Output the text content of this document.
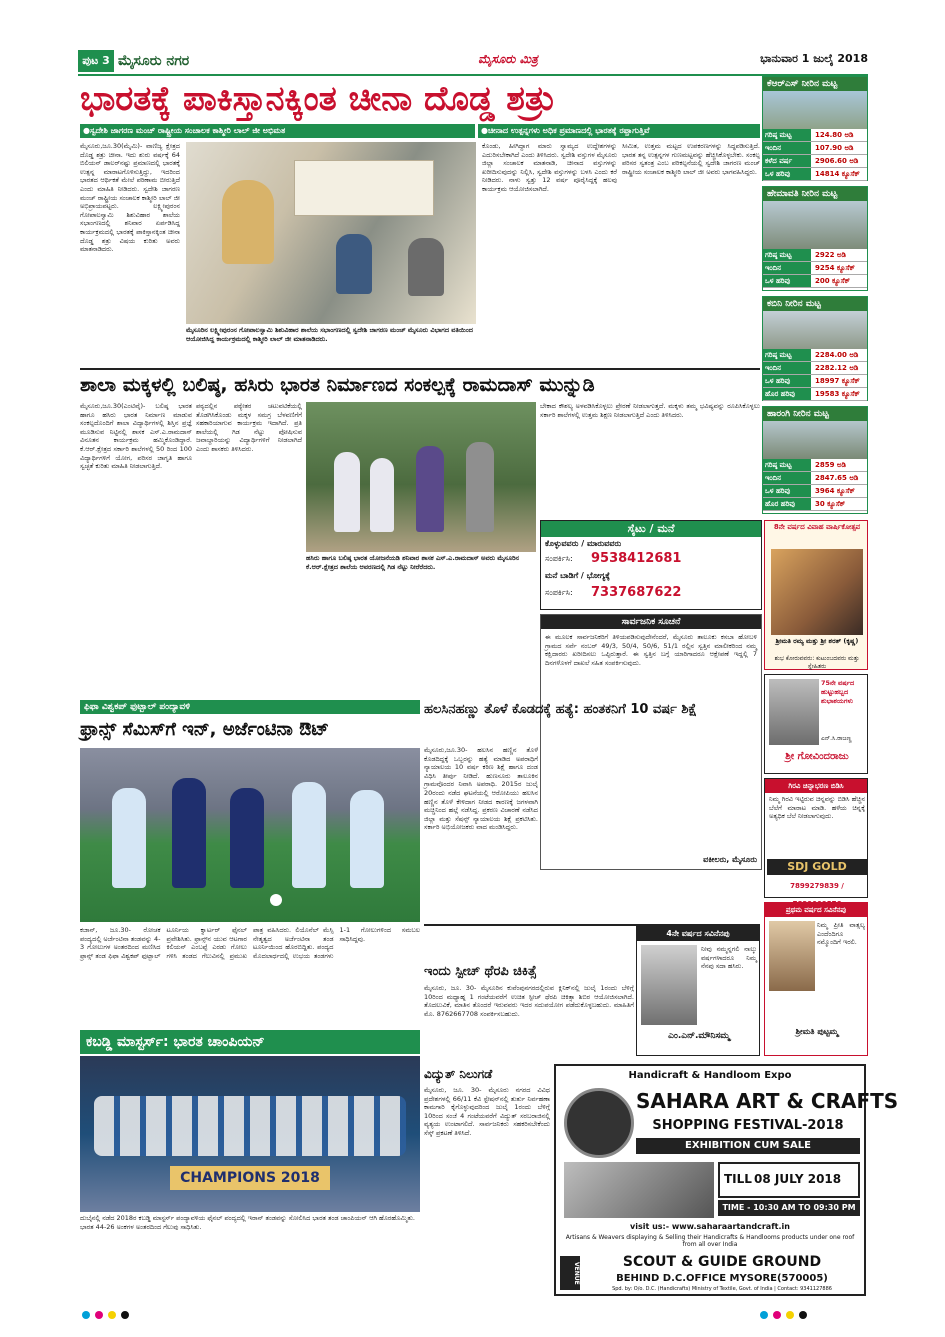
ಪುಟ 3 ಮೈಸೂರು ನಗರ	ಮೈಸೂರು ಮಿತ್ರ	ಭಾನುವಾರ 1 ಜುಲೈ 2018
ಭಾರತಕ್ಕೆ ಪಾಕಿಸ್ತಾನಕ್ಕಿಂತ ಚೀನಾ ದೊಡ್ಡ ಶತ್ರು
●ಸ್ವದೇಶಿ ಜಾಗರಣ ಮಂಚ್ ರಾಷ್ಟ್ರೀಯ ಸಂಚಾಲಕ ಕಾಶ್ಮೀರಿ ಲಾಲ್ ಜೀ ಅಭಿಮತ	●ಚೀನಾದ ಉತ್ಪನ್ನಗಳು ಅಧಿಕ ಪ್ರಮಾಣದಲ್ಲಿ ಭಾರತಕ್ಕೆ ರಫ್ತಾಗುತ್ತಿವೆ
ಮೈಸೂರು,ಜೂ.30(ಮೈಮಿ)- ವಾಣಿಜ್ಯ ಕ್ಷೇತ್ರದ ದೊಡ್ಡ ಶತ್ರು ಚೀನಾ. ಇದು ಶುರು ವರ್ಷಕ್ಕೆ 64 ಬಿಲಿಯನ್ ಡಾಲರ್‌ನಷ್ಟು ಪ್ರಮಾಣದಲ್ಲಿ ಭಾರತಕ್ಕೆ ಉತ್ಪನ್ನ ಮಾರಾಟಗೊಳಿಸುತ್ತಿದ್ದು, ಇದರಿಂದ ಭಾರತದ ಆರ್ಥಿಕತೆ ಮೇಲೆ ಪರಿಣಾಮ ಬೀರುತ್ತಿದೆ ಎಂದು ಮಾಹಿತಿ ನೀಡಿದರು. ಸ್ವದೇಶಿ ಜಾಗರಣ ಮಂಚ್ ರಾಷ್ಟ್ರೀಯ ಸಂಚಾಲಕ ಕಾಶ್ಮೀರಿ ಲಾಲ್ ಜೀ ಅಭಿಪ್ರಾಯಪಟ್ಟರು. ಲಕ್ಷ್ಮೀಪುರಂನ ಗೋಪಾಲಸ್ವಾಮಿ ಶಿಶುವಿಹಾರ ಶಾಲೆಯ ಸಭಾಂಗಣದಲ್ಲಿ ಶನಿವಾರ ಏರ್ಪಡಿಸಿದ್ದ ಕಾರ್ಯಕ್ರಮದಲ್ಲಿ ಭಾರತಕ್ಕೆ ಪಾಕಿಸ್ತಾನಕ್ಕಿಂತ ಚೀನಾ ದೊಡ್ಡ ಶತ್ರು ವಿಷಯ ಕುರಿತು ಅವರು ಮಾತನಾಡಿದರು.
ಮೈಸೂರಿನ ಲಕ್ಷ್ಮೀಪುರಂನ ಗೋಪಾಲಸ್ವಾಮಿ ಶಿಶುವಿಹಾರ ಶಾಲೆಯ ಸಭಾಂಗಣದಲ್ಲಿ ಸ್ವದೇಶಿ ಜಾಗರಣ ಮಂಚ್ ಮೈಸೂರು ವಿಭಾಗದ ವತಿಯಿಂದ ಆಯೋಜಿಸಿದ್ದ ಕಾರ್ಯಕ್ರಮದಲ್ಲಿ ಕಾಶ್ಮೀರಿ ಲಾಲ್ ಜೀ ಮಾತನಾಡಿದರು.
ಕೊಂಡು, ಹೀಗಿದ್ದಾಗ ಮಾರು ಸ್ವಾಮ್ಯದ ಉದ್ದೇಶಗಳನ್ನು ಎದುರಿಸಬೇಕಾಗಿದೆ ಎಂದು ತಿಳಿಸಿದರು. ಸ್ವದೇಶಿ ವಸ್ತುಗಳ ಮೈಸೂರು ಜಿಲ್ಲಾ ಸಂಚಾಲಕ ಮಾತನಾಡಿ, ಚೀನಾದ ವಸ್ತುಗಳನ್ನು ಖರೀದಿಸುವುದನ್ನು ನಿಲ್ಲಿಸಿ, ಸ್ವದೇಶಿ ವಸ್ತುಗಳನ್ನು ಬಳಸಿ ಎಂದು ಕರೆ ನೀಡಿದರು. ನಾಳು ಸ್ವತ್ತು 12 ವರ್ಷ ಪೂರೈಸಿದ್ದಕ್ಕೆ ಹಲವು ಕಾರ್ಯಕ್ರಮ ಆಯೋಜಿಸಲಾಗಿದೆ.
ಸೀಮಿತ, ಉತ್ತಮ ಮಟ್ಟದ ಉಪಕರಣಗಳನ್ನು ಸಿದ್ಧಪಡಿಸುತ್ತಿದೆ. ಭಾರತ ತನ್ನ ಉತ್ಪನ್ನಗಳ ಗುಣಮಟ್ಟವನ್ನು ಹೆಚ್ಚಿಸಿಕೊಳ್ಳಬೇಕು. ಸಂಕಲ್ಪ ಪರಿಸರ ಸ್ವತಂತ್ರ ಎಂಬ ಪರಿಕಲ್ಪನೆಯಲ್ಲಿ ಸ್ವದೇಶಿ ಜಾಗರಣ ಮಂಚ್ ರಾಷ್ಟ್ರೀಯ ಸಂಚಾಲಕ ಕಾಶ್ಮೀರಿ ಲಾಲ್ ಜೀ ಅವರು ಭಾಗವಹಿಸಿದ್ದರು.
ಕೆಆರ್‌ಎಸ್ ನೀರಿನ ಮಟ್ಟ
ಗರಿಷ್ಠ ಮಟ್ಟ	124.80 ಅಡಿ
ಇಂದಿನ	107.90 ಅಡಿ
ಕಳೆದ ವರ್ಷ	2906.60 ಅಡಿ
ಒಳ ಹರಿವು	14814 ಕ್ಯೂಸೆಕ್
ಹೇಮಾವತಿ ನೀರಿನ ಮಟ್ಟ
ಗರಿಷ್ಠ ಮಟ್ಟ	2922 ಅಡಿ
ಇಂದಿನ	9254 ಕ್ಯೂಸೆಕ್
ಒಳ ಹರಿವು	200 ಕ್ಯೂಸೆಕ್
ಕಬಿನಿ ನೀರಿನ ಮಟ್ಟ
ಗರಿಷ್ಠ ಮಟ್ಟ	2284.00 ಅಡಿ
ಇಂದಿನ	2282.12 ಅಡಿ
ಒಳ ಹರಿವು	18997 ಕ್ಯೂಸೆಕ್
ಹೊರ ಹರಿವು	19583 ಕ್ಯೂಸೆಕ್
ಹಾರಂಗಿ ನೀರಿನ ಮಟ್ಟ
ಗರಿಷ್ಠ ಮಟ್ಟ	2859 ಅಡಿ
ಇಂದಿನ	2847.65 ಅಡಿ
ಒಳ ಹರಿವು	3964 ಕ್ಯೂಸೆಕ್
ಹೊರ ಹರಿವು	30 ಕ್ಯೂಸೆಕ್
ಶಾಲಾ ಮಕ್ಕಳಲ್ಲಿ ಬಲಿಷ್ಠ, ಹಸಿರು ಭಾರತ ನಿರ್ಮಾಣದ ಸಂಕಲ್ಪಕ್ಕೆ ರಾಮದಾಸ್ ಮುನ್ನುಡಿ
ಮೈಸೂರು,ಜೂ.30(ಎಂಟಿವೈ)- ಬಲಿಷ್ಠ ಭಾರತ ಹಾಗೂ ಹಸಿರು ಭಾರತ ನಿರ್ಮಾಣ ಮಾಡುವ ಸಂಕಲ್ಪದೊಂದಿಗೆ ಶಾಲಾ ವಿದ್ಯಾರ್ಥಿಗಳಲ್ಲಿ ಶಿಸ್ತಿನ ಪ್ರಜ್ಞೆ ಮೂಡಿಸುವ ನಿಟ್ಟಿನಲ್ಲಿ ಶಾಸಕ ಎಸ್.ಎ.ರಾಮದಾಸ್ ವಿನೂತನ ಕಾರ್ಯಕ್ರಮ ಹಮ್ಮಿಕೊಂಡಿದ್ದಾರೆ. ಕೆ.ಆರ್.ಕ್ಷೇತ್ರದ ಸರ್ಕಾರಿ ಶಾಲೆಗಳಲ್ಲಿ 50 ರಿಂದ 100 ವಿದ್ಯಾರ್ಥಿಗಳಿಗೆ ಯೋಗ, ಪರಿಸರ ಜಾಗೃತಿ ಹಾಗೂ ಸ್ವಚ್ಛತೆ ಕುರಿತು ಮಾಹಿತಿ ನೀಡಲಾಗುತ್ತಿದೆ.
ಪಠ್ಯದಲ್ಲಿನ ಪಠ್ಯೇತರ ಚಟುವಟಿಕೆಯಲ್ಲಿ ತೊಡಗಿಸಿಕೊಂಡು ಮಕ್ಕಳ ಸಮಗ್ರ ಬೆಳವಣಿಗೆಗೆ ಸಹಕಾರಿಯಾಗುವ ಕಾರ್ಯಕ್ರಮ ಇದಾಗಿದೆ. ಪ್ರತಿ ಶಾಲೆಯಲ್ಲಿ ಗಿಡ ನೆಟ್ಟು ಪೋಷಿಸುವ ಜವಾಬ್ದಾರಿಯನ್ನು ವಿದ್ಯಾರ್ಥಿಗಳಿಗೆ ನೀಡಲಾಗಿದೆ ಎಂದು ಶಾಸಕರು ತಿಳಿಸಿದರು.
ಹಸಿರು ಹಾಗೂ ಬಲಿಷ್ಠ ಭಾರತ ಯೋಜನೆಯಡಿ ಶನಿವಾರ ಶಾಸಕ ಎಸ್.ಎ.ರಾಮದಾಸ್ ಅವರು ಮೈಸೂರಿನ ಕೆ.ಆರ್.ಕ್ಷೇತ್ರದ ಶಾಲೆಯ ಆವರಣದಲ್ಲಿ ಗಿಡ ನೆಟ್ಟು ನೀರೆರೆದರು.
ಬೇಕಾದ ಕೌಶಲ್ಯ ಅಳವಡಿಸಿಕೊಳ್ಳಲು ಪ್ರೇರಣೆ ನೀಡಲಾಗುತ್ತದೆ. ಮಕ್ಕಳು ತಮ್ಮ ಭವಿಷ್ಯವನ್ನು ರೂಪಿಸಿಕೊಳ್ಳಲು ಸರ್ಕಾರಿ ಶಾಲೆಗಳಲ್ಲಿ ಉತ್ತಮ ಶಿಕ್ಷಣ ನೀಡಲಾಗುತ್ತಿದೆ ಎಂದು ತಿಳಿಸಿದರು.
ಸೈಟು / ಮನೆ
ಕೊಳ್ಳುವವರು / ಮಾರುವವರು
ಸಂಪರ್ಕಿಸಿ:	9538412681
ಮನೆ ಬಾಡಿಗೆ / ಭೋಗ್ಯಕ್ಕೆ
ಸಂಪರ್ಕಿಸಿ:	7337687622
ಸಾರ್ವಜನಿಕ ಸೂಚನೆ
ಈ ಮೂಲಕ ಸಾರ್ವಜನಿಕರಿಗೆ ತಿಳಿಯಪಡಿಸುವುದೇನೆಂದರೆ, ಮೈಸೂರು ತಾಲೂಕು ಕಸಬಾ ಹೋಬಳಿ ಗ್ರಾಮದ ಸರ್ವೆ ನಂಬರ್ 49/3, 50/4, 50/6, 51/1 ರಲ್ಲಿನ ಸ್ವತ್ತಿನ ಮಾಲೀಕರಿಂದ ನಮ್ಮ ಕಕ್ಷಿದಾರರು ಖರೀದಿಸಲು ಒಪ್ಪಿರುತ್ತಾರೆ. ಈ ಸ್ವತ್ತಿನ ಬಗ್ಗೆ ಯಾರಿಗಾದರೂ ಆಕ್ಷೇಪಣೆ ಇದ್ದಲ್ಲಿ 7 ದಿನಗಳೊಳಗೆ ದಾಖಲೆ ಸಹಿತ ಸಂಪರ್ಕಿಸುವುದು.
ವಕೀಲರು, ಮೈಸೂರು
8ನೇ ವರ್ಷದ ವಿವಾಹ ವಾರ್ಷಿಕೋತ್ಸವ
ಶ್ರೀಮತಿ ರಮ್ಯ ಮತ್ತು ಶ್ರೀ ಶರತ್ (ಕೃಷ್ಣ)
ಶುಭ ಕೋರುವವರು: ಕುಟುಂಬದವರು ಮತ್ತು ಸ್ನೇಹಿತರು
75ನೇ ವರ್ಷದ ಹುಟ್ಟುಹಬ್ಬದ ಶುಭಾಶಯಗಳು
ಎನ್.ಸಿ.ರಾಜಣ್ಣ
ಶ್ರೀ ಗೋವಿಂದರಾಜು
ಗಿರವಿ ಚಿನ್ನಾಭರಣ ಬಿಡಿಸಿ
ನಿಮ್ಮ ಗಿರವಿ ಇಟ್ಟಿರುವ ಚಿನ್ನವನ್ನು ಬಿಡಿಸಿ ಹೆಚ್ಚಿನ ಬೆಲೆಗೆ ಮಾರಾಟ ಮಾಡಿ. ಹಳೆಯ ಚಿನ್ನಕ್ಕೆ ಅತ್ಯಧಿಕ ಬೆಲೆ ನೀಡಲಾಗುವುದು.
SDJ GOLD
7899279839 /
ಫಿಫಾ ವಿಶ್ವಕಪ್ ಫುಟ್ಬಾಲ್ ಪಂದ್ಯಾವಳಿ
ಫ್ರಾನ್ಸ್ ಸೆಮಿಸ್‌ಗೆ ಇನ್, ಅರ್ಜೆಂಟಿನಾ ಔಟ್
ಕಜಾನ್, ಜೂ.30- ರೋಚಕ ಪಂದ್ಯದಲ್ಲಿ ಅರ್ಜೆಂಟಿನಾ ತಂಡವನ್ನು 4-3 ಗೋಲುಗಳ ಅಂತರದಿಂದ ಮಣಿಸಿದ ಫ್ರಾನ್ಸ್ ತಂಡ ಫಿಫಾ ವಿಶ್ವಕಪ್ ಫುಟ್ಬಾಲ್ ಟೂರ್ನಿಯ ಕ್ವಾರ್ಟರ್ ಫೈನಲ್ ಪ್ರವೇಶಿಸಿತು. ಫ್ರಾನ್ಸ್‌ನ ಯುವ ಆಟಗಾರ ಕಿಲಿಯನ್ ಎಂಬಪ್ಪೆ ಎರಡು ಗೋಲು ಗಳಿಸಿ ತಂಡದ ಗೆಲುವಿನಲ್ಲಿ ಪ್ರಮುಖ ಪಾತ್ರ ವಹಿಸಿದರು. ಲಿಯೊನೆಲ್ ಮೆಸ್ಸಿ ನೇತೃತ್ವದ ಅರ್ಜೆಂಟಿನಾ ತಂಡ ಟೂರ್ನಿಯಿಂದ ಹೊರಬಿದ್ದಿತು. ಪಂದ್ಯದ ಮೊದಲಾರ್ಧದಲ್ಲಿ ಉಭಯ ತಂಡಗಳು 1-1 ಗೋಲುಗಳಿಂದ ಸಮಬಲ ಸಾಧಿಸಿದ್ದವು.
ಹಲಸಿನಹಣ್ಣು ತೊಳೆ ಕೊಡದಕ್ಕೆ ಹತ್ಯೆ: ಹಂತಕನಿಗೆ 10 ವರ್ಷ ಶಿಕ್ಷೆ
ಮೈಸೂರು,ಜೂ.30- ಹಲಸಿನ ಹಣ್ಣಿನ ತೊಳೆ ಕೊಡದಿದ್ದಕ್ಕೆ ಒಬ್ಬರನ್ನು ಹತ್ಯೆ ಮಾಡಿದ ಅಪರಾಧಿಗೆ ನ್ಯಾಯಾಲಯ 10 ವರ್ಷ ಕಠಿಣ ಶಿಕ್ಷೆ ಹಾಗೂ ದಂಡ ವಿಧಿಸಿ ತೀರ್ಪು ನೀಡಿದೆ. ಹುಣಸೂರು ತಾಲೂಕಿನ ಗ್ರಾಮವೊಂದರ ನಿವಾಸಿ ಅಪರಾಧಿ. 2015ರ ಜುಲೈ 20ರಂದು ನಡೆದ ಘಟನೆಯಲ್ಲಿ ಆರೋಪಿಯು ಹಲಸಿನ ಹಣ್ಣಿನ ತೊಳೆ ಕೇಳಿದಾಗ ನೀಡದ ಕಾರಣಕ್ಕೆ ಜಗಳವಾಗಿ ಮಚ್ಚಿನಿಂದ ಹಲ್ಲೆ ನಡೆಸಿದ್ದ. ಪ್ರಕರಣ ವಿಚಾರಣೆ ನಡೆಸಿದ ಜಿಲ್ಲಾ ಮತ್ತು ಸೆಷನ್ಸ್ ನ್ಯಾಯಾಲಯ ಶಿಕ್ಷೆ ಪ್ರಕಟಿಸಿತು. ಸರ್ಕಾರಿ ಅಭಿಯೋಜಕರು ವಾದ ಮಂಡಿಸಿದ್ದರು.
4ನೇ ವರ್ಷದ ಸವಿನೆನಪು
ನೀವು ನಮ್ಮನ್ನಗಲಿ ನಾಲ್ಕು ವರ್ಷಗಳಾದರೂ ನಿಮ್ಮ ನೆನಪು ಸದಾ ಹಸಿರು.
ಎಂ.ಎನ್.ಮೌನಿಸಮ್ಮ
ಪ್ರಥಮ ವರ್ಷದ ಸವಿನೆನಪು
ನಿಮ್ಮ ಪ್ರೀತಿ ವಾತ್ಸಲ್ಯ ಎಂದೆಂದಿಗೂ ನಮ್ಮೊಂದಿಗೆ ಇರಲಿ.
ಶ್ರೀಮತಿ ಪುಟ್ಟಮ್ಮ
ಇಂದು ಸ್ಪೀಚ್ ಥೆರಪಿ ಚಿಕಿತ್ಸೆ
ಮೈಸೂರು, ಜೂ. 30- ಮೈಸೂರಿನ ಕುವೆಂಪುನಗರದಲ್ಲಿರುವ ಕ್ಲಿನಿಕ್‌ನಲ್ಲಿ ಜುಲೈ 1ರಂದು ಬೆಳಿಗ್ಗೆ 10ರಿಂದ ಮಧ್ಯಾಹ್ನ 1 ಗಂಟೆಯವರೆಗೆ ಉಚಿತ ಸ್ಪೀಚ್ ಥೆರಪಿ ಚಿಕಿತ್ಸಾ ಶಿಬಿರ ಆಯೋಜಿಸಲಾಗಿದೆ. ತೊದಲುವಿಕೆ, ಮಾತಿನ ತೊಂದರೆ ಇರುವವರು ಇದರ ಸದುಪಯೋಗ ಪಡೆದುಕೊಳ್ಳಬಹುದು. ಮಾಹಿತಿಗೆ ಮೊ. 8762667708 ಸಂಪರ್ಕಿಸಬಹುದು.
ಕಬಡ್ಡಿ ಮಾಸ್ಟರ್ಸ್: ಭಾರತ ಚಾಂಪಿಯನ್
CHAMPIONS 2018
ದುಬೈನಲ್ಲಿ ನಡೆದ 2018ರ ಕಬಡ್ಡಿ ಮಾಸ್ಟರ್ಸ್ ಪಂದ್ಯಾವಳಿಯ ಫೈನಲ್ ಪಂದ್ಯದಲ್ಲಿ ಇರಾನ್ ತಂಡವನ್ನು ಸೋಲಿಸಿದ ಭಾರತ ತಂಡ ಚಾಂಪಿಯನ್ ಆಗಿ ಹೊರಹೊಮ್ಮಿತು. ಭಾರತ 44-26 ಅಂಕಗಳ ಅಂತರದಿಂದ ಗೆಲುವು ಸಾಧಿಸಿತು.
ವಿದ್ಯುತ್ ನಿಲುಗಡೆ
ಮೈಸೂರು, ಜೂ. 30- ಮೈಸೂರು ನಗರದ ವಿವಿಧ ಪ್ರದೇಶಗಳಲ್ಲಿ 66/11 ಕೆವಿ ಸ್ಟೇಷನ್‌ನಲ್ಲಿ ತುರ್ತು ನಿರ್ವಹಣಾ ಕಾಮಗಾರಿ ಕೈಗೊಳ್ಳುವುದರಿಂದ ಜುಲೈ 1ರಂದು ಬೆಳಿಗ್ಗೆ 10ರಿಂದ ಸಂಜೆ 4 ಗಂಟೆಯವರೆಗೆ ವಿದ್ಯುತ್ ಸರಬರಾಜಿನಲ್ಲಿ ವ್ಯತ್ಯಯ ಉಂಟಾಗಲಿದೆ. ಸಾರ್ವಜನಿಕರು ಸಹಕರಿಸಬೇಕೆಂದು ಸೆಸ್ಕ್ ಪ್ರಕಟಣೆ ತಿಳಿಸಿದೆ.
Handicraft & Handloom Expo
SAHARA ART & CRAFTS
SHOPPING FESTIVAL-2018
EXHIBITION CUM SALE
TILL 08 JULY 2018
TIME - 10:30 AM TO 09:30 PM
visit us:- www.saharaartandcraft.in
Artisans & Weavers displaying & Selling their Handicrafts & Handlooms products under one roof from all over India
VENUE	SCOUT & GUIDE GROUND
BEHIND D.C.OFFICE MYSORE(570005)
Spd. by: O/o. D.C. (Handicrafts) Ministry of Textile, Govt. of India | Contact: 9341127886
